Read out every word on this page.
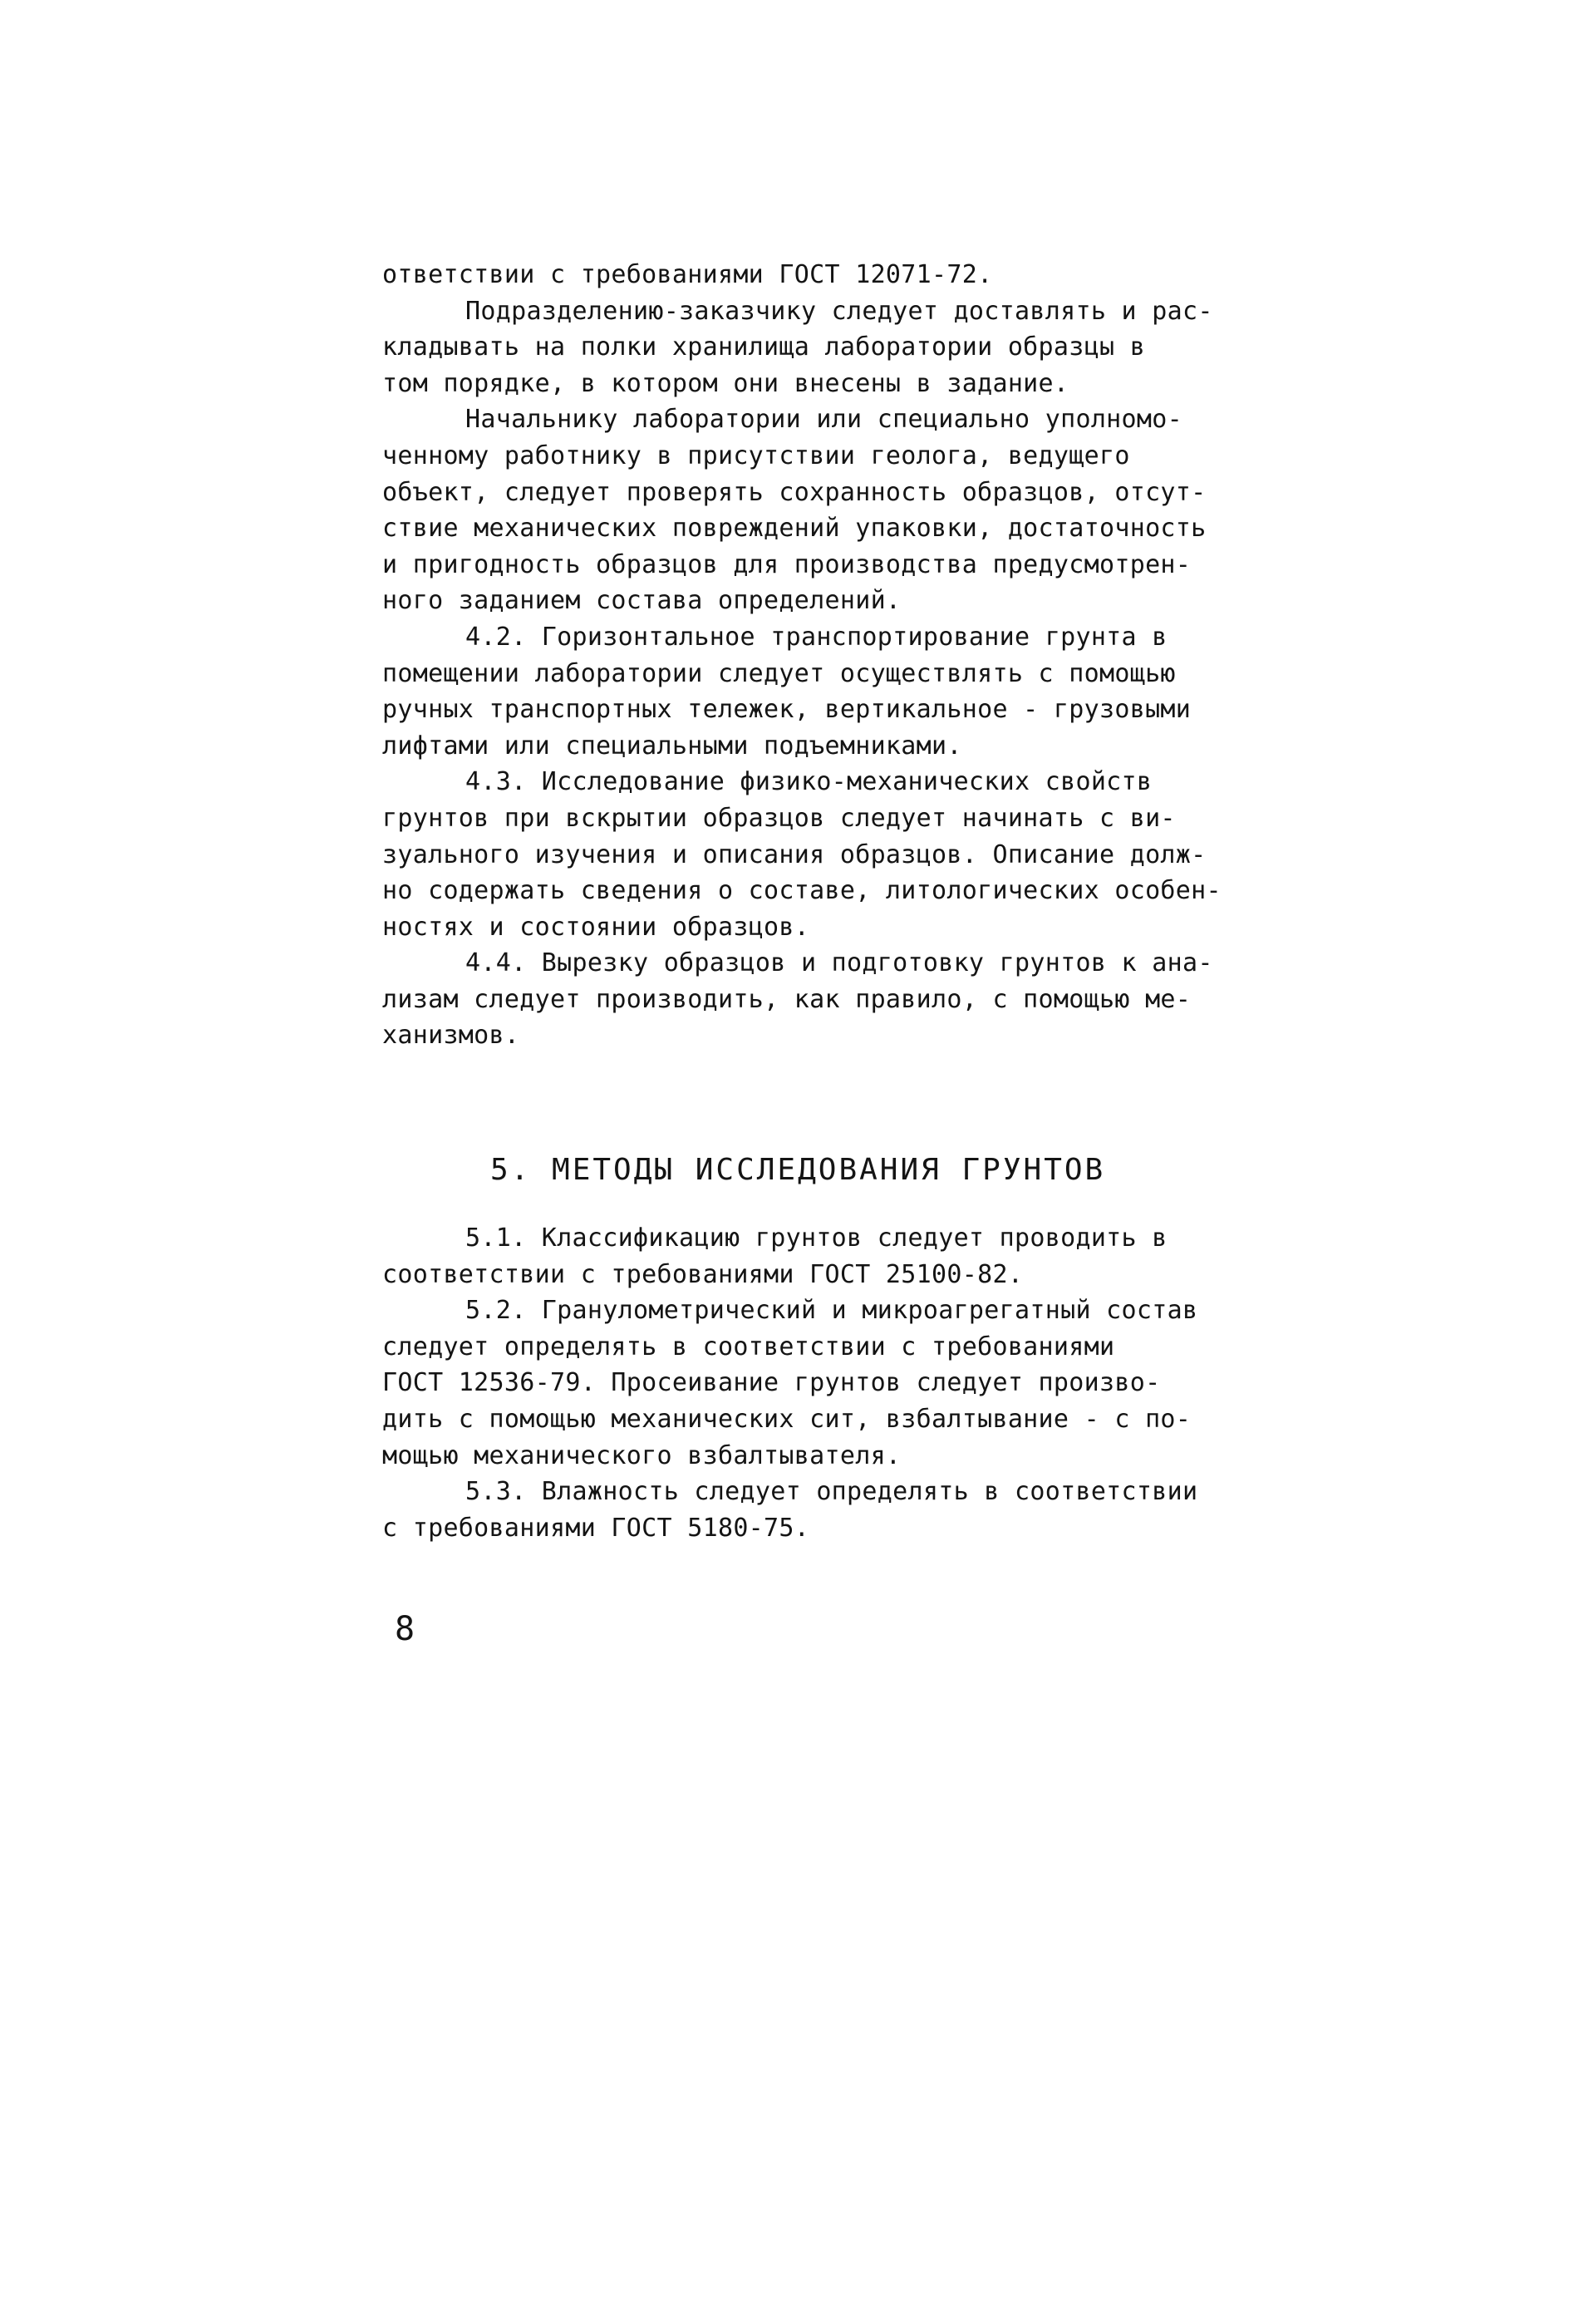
ответствии с требованиями ГОСТ 12071-72.
Подразделению-заказчику следует доставлять и рас-
кладывать на полки хранилища лаборатории образцы в
том порядке, в котором они внесены в задание.
Начальнику лаборатории или специально уполномо-
ченному работнику в присутствии геолога, ведущего
объект, следует проверять сохранность образцов, отсут-
ствие механических повреждений упаковки, достаточность
и пригодность образцов для производства предусмотрен-
ного заданием состава определений.
4.2. Горизонтальное транспортирование грунта в
помещении лаборатории следует осуществлять с помощью
ручных транспортных тележек, вертикальное - грузовыми
лифтами или специальными подъемниками.
4.3. Исследование физико-механических свойств
грунтов при вскрытии образцов следует начинать с ви-
зуального изучения и описания образцов. Описание долж-
но содержать сведения о составе, литологических особен-
ностях и состоянии образцов.
4.4. Вырезку образцов и подготовку грунтов к ана-
лизам следует производить, как правило, с помощью ме-
ханизмов.
5. МЕТОДЫ ИССЛЕДОВАНИЯ ГРУНТОВ
5.1. Классификацию грунтов следует проводить в
соответствии с требованиями ГОСТ 25100-82.
5.2. Гранулометрический и микроагрегатный состав
следует определять в соответствии с требованиями
ГОСТ 12536-79. Просеивание грунтов следует произво-
дить с помощью механических сит, взбалтывание - с по-
мощью механического взбалтывателя.
5.3. Влажность следует определять в соответствии
с требованиями ГОСТ 5180-75.
8
